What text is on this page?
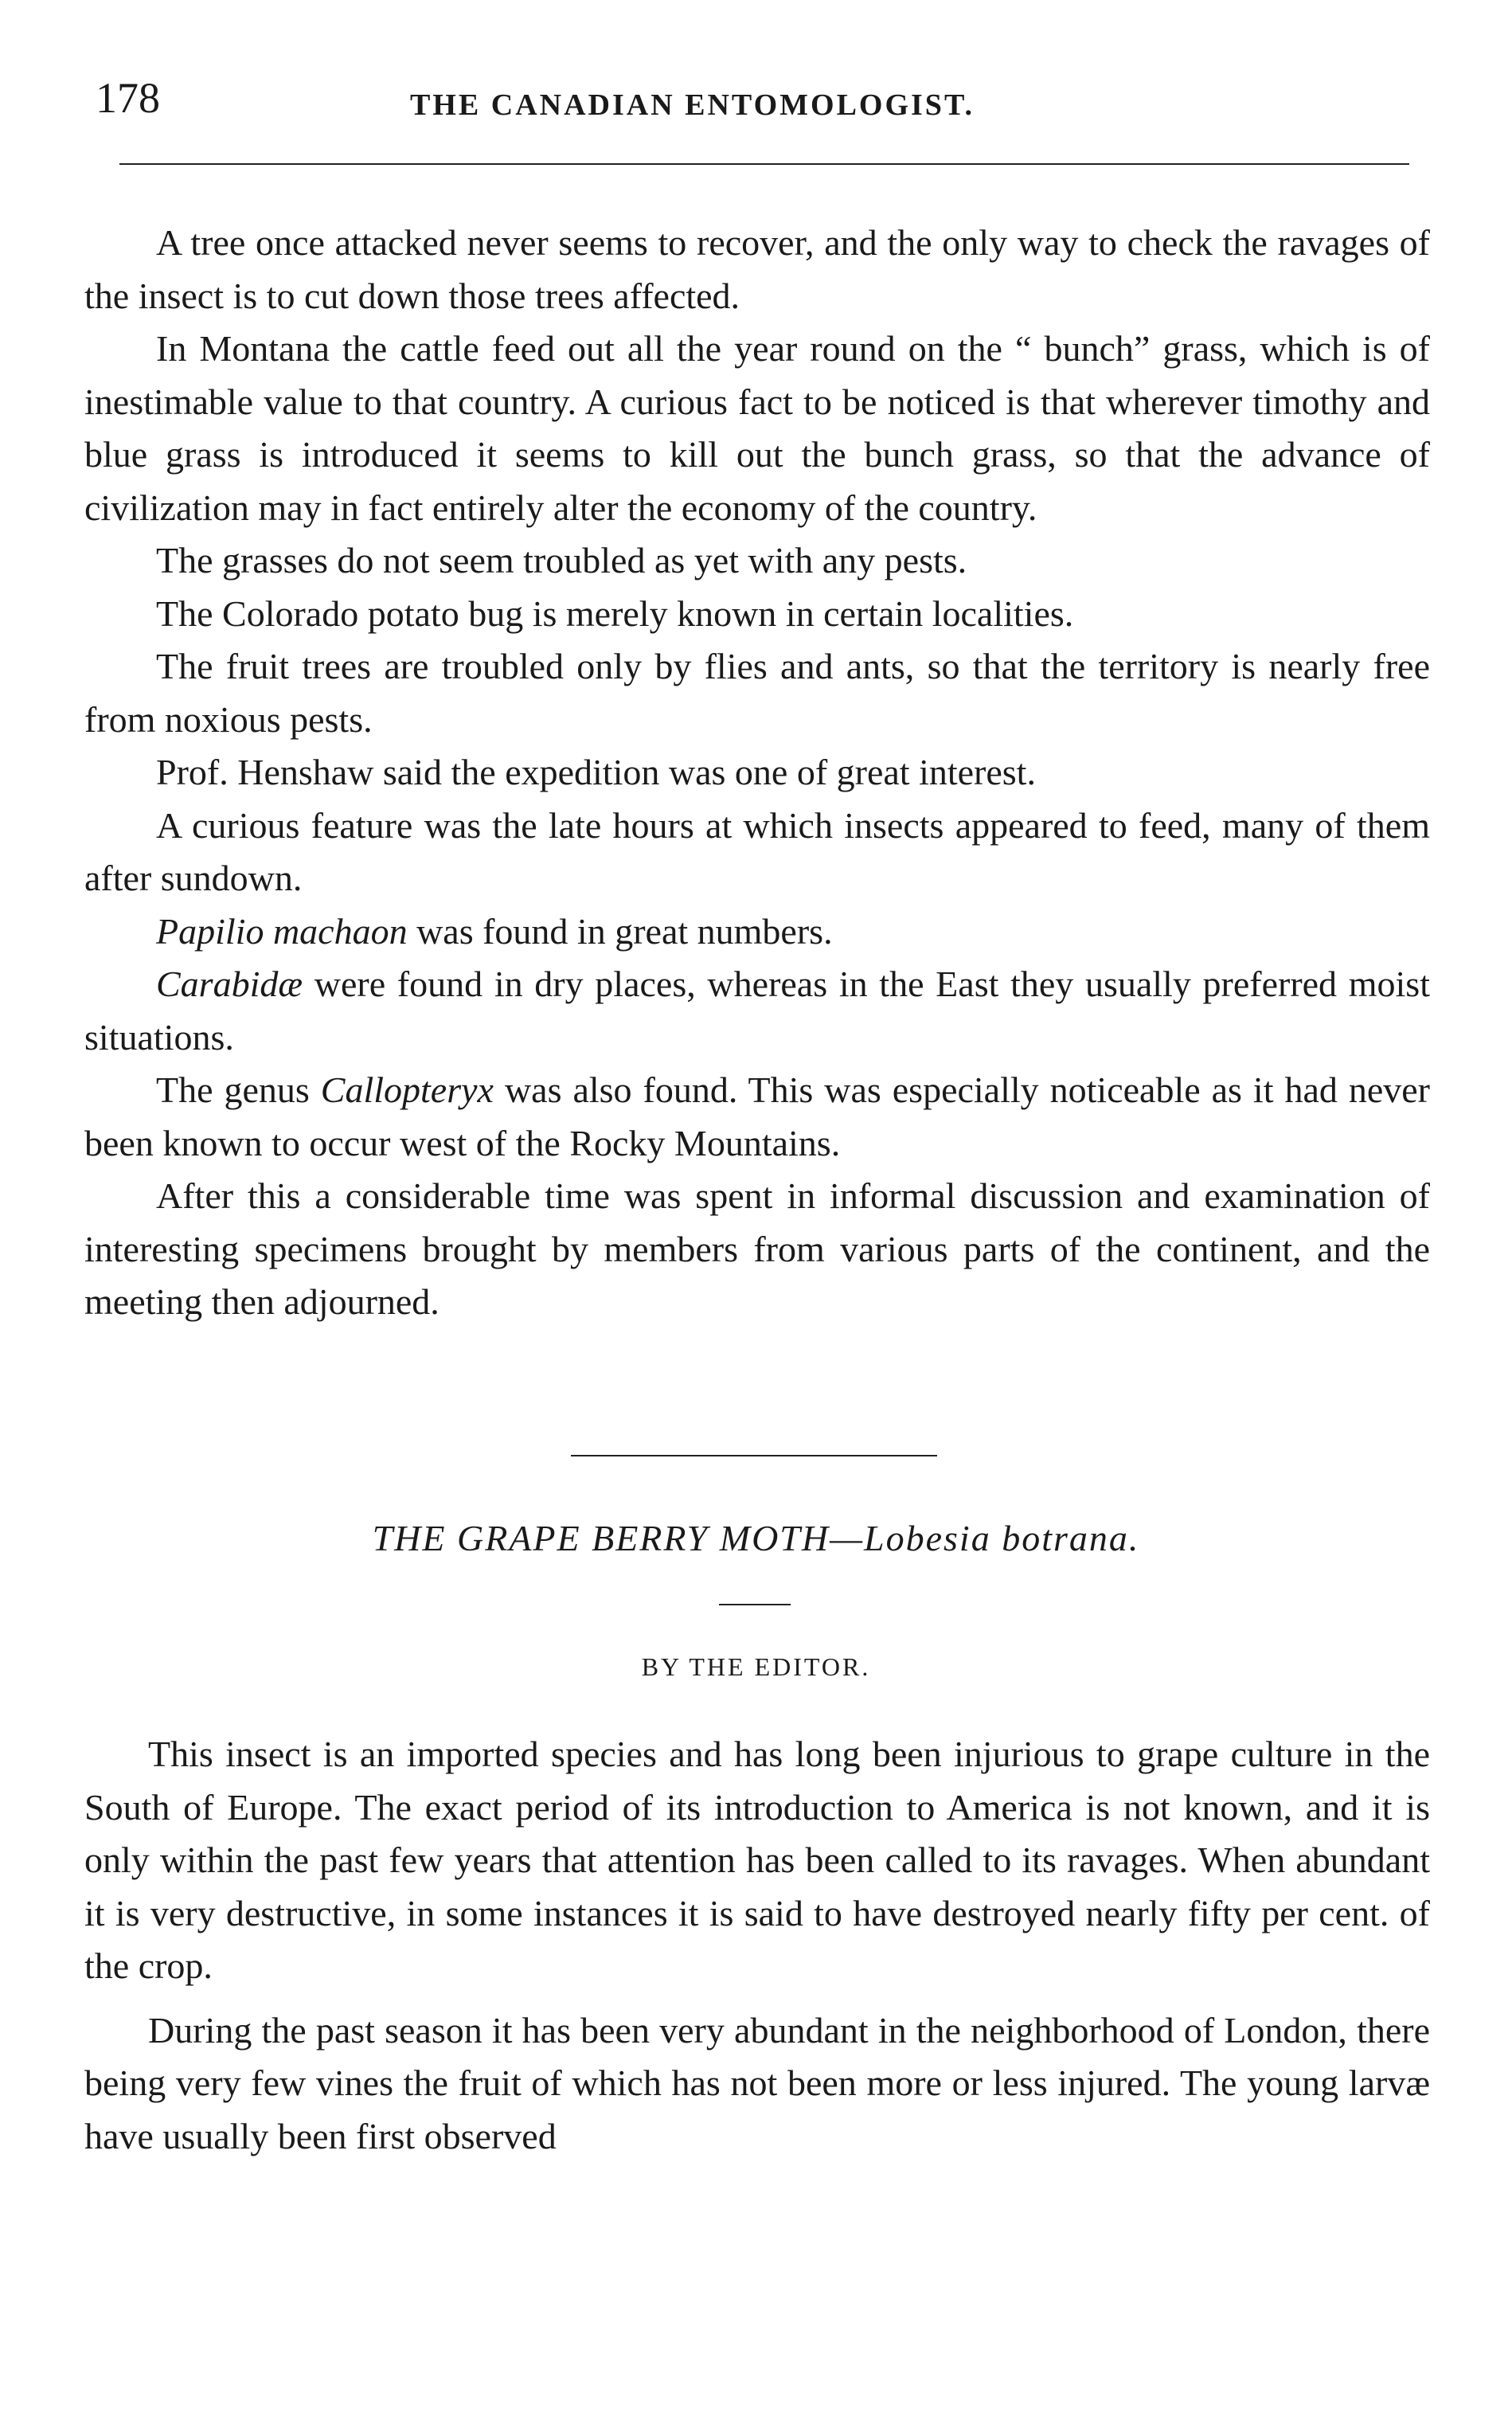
178	THE CANADIAN ENTOMOLOGIST.

A tree once attacked never seems to recover, and the only way to check the ravages of the insect is to cut down those trees affected.

In Montana the cattle feed out all the year round on the “ bunch” grass, which is of inestimable value to that country. A curious fact to be noticed is that wherever timothy and blue grass is introduced it seems to kill out the bunch grass, so that the advance of civilization may in fact entirely alter the economy of the country.

The grasses do not seem troubled as yet with any pests.

The Colorado potato bug is merely known in certain localities.

The fruit trees are troubled only by flies and ants, so that the territory is nearly free from noxious pests.

Prof. Henshaw said the expedition was one of great interest.

A curious feature was the late hours at which insects appeared to feed, many of them after sundown.

Papilio machaon was found in great numbers.

Carabidæ were found in dry places, whereas in the East they usually preferred moist situations.

The genus Callopteryx was also found. This was especially noticeable as it had never been known to occur west of the Rocky Mountains.

After this a considerable time was spent in informal discussion and examination of interesting specimens brought by members from various parts of the continent, and the meeting then adjourned.

THE GRAPE BERRY MOTH—Lobesia botrana.
BY THE EDITOR.

This insect is an imported species and has long been injurious to grape culture in the South of Europe. The exact period of its introduction to America is not known, and it is only within the past few years that attention has been called to its ravages. When abundant it is very destructive, in some instances it is said to have destroyed nearly fifty per cent. of the crop.

During the past season it has been very abundant in the neighborhood of London, there being very few vines the fruit of which has not been more or less injured. The young larvæ have usually been first observed
